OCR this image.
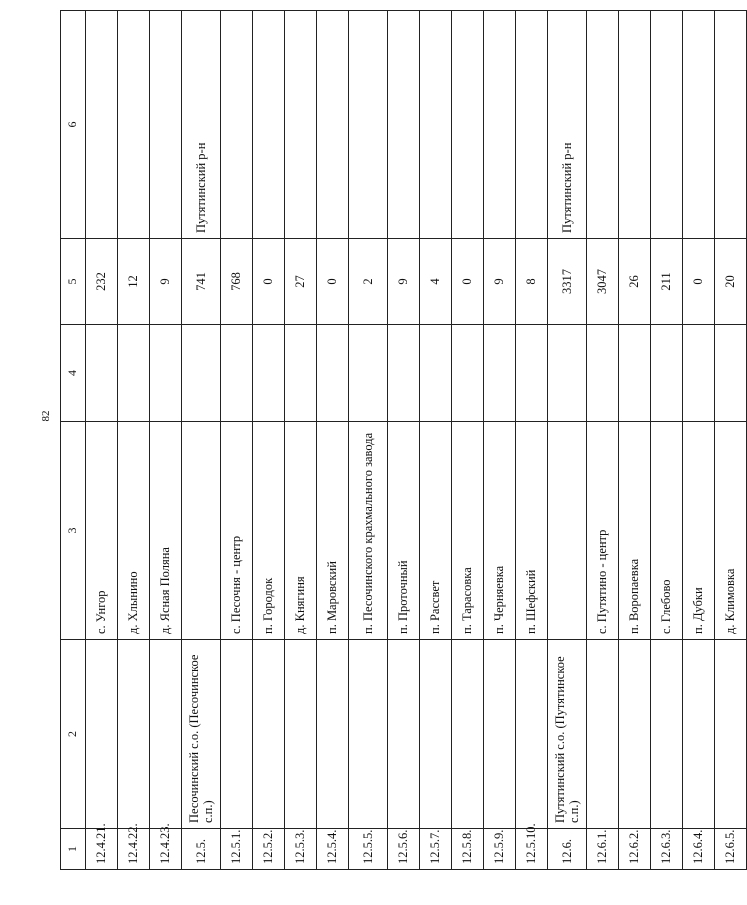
82
1	2	3	4	5	6
12.4.21.		с. Унгор		232	
12.4.22.		д. Хлынино		12	
12.4.23.		д. Ясная Поляна		9	
12.5.	Песочинский с.о. (Песочинское с.п.)			741	Путятинский р-н
12.5.1.		с. Песочня - центр		768	
12.5.2.		п. Городок		0	
12.5.3.		д. Княгиня		27	
12.5.4.		п. Маровский		0	
12.5.5.		п. Песочинского крахмального завода		2	
12.5.6.		п. Проточный		9	
12.5.7.		п. Рассвет		4	
12.5.8.		п. Тарасовка		0	
12.5.9.		п. Черняевка		9	
12.5.10.		п. Шефский		8	
12.6.	Путятинский с.о. (Путятинское с.п.)			3317	Путятинский р-н
12.6.1.		с. Путятино - центр		3047	
12.6.2.		п. Воропаевка		26	
12.6.3.		с. Глебово		211	
12.6.4.		п. Дубки		0	
12.6.5.		д. Климовка		20	
